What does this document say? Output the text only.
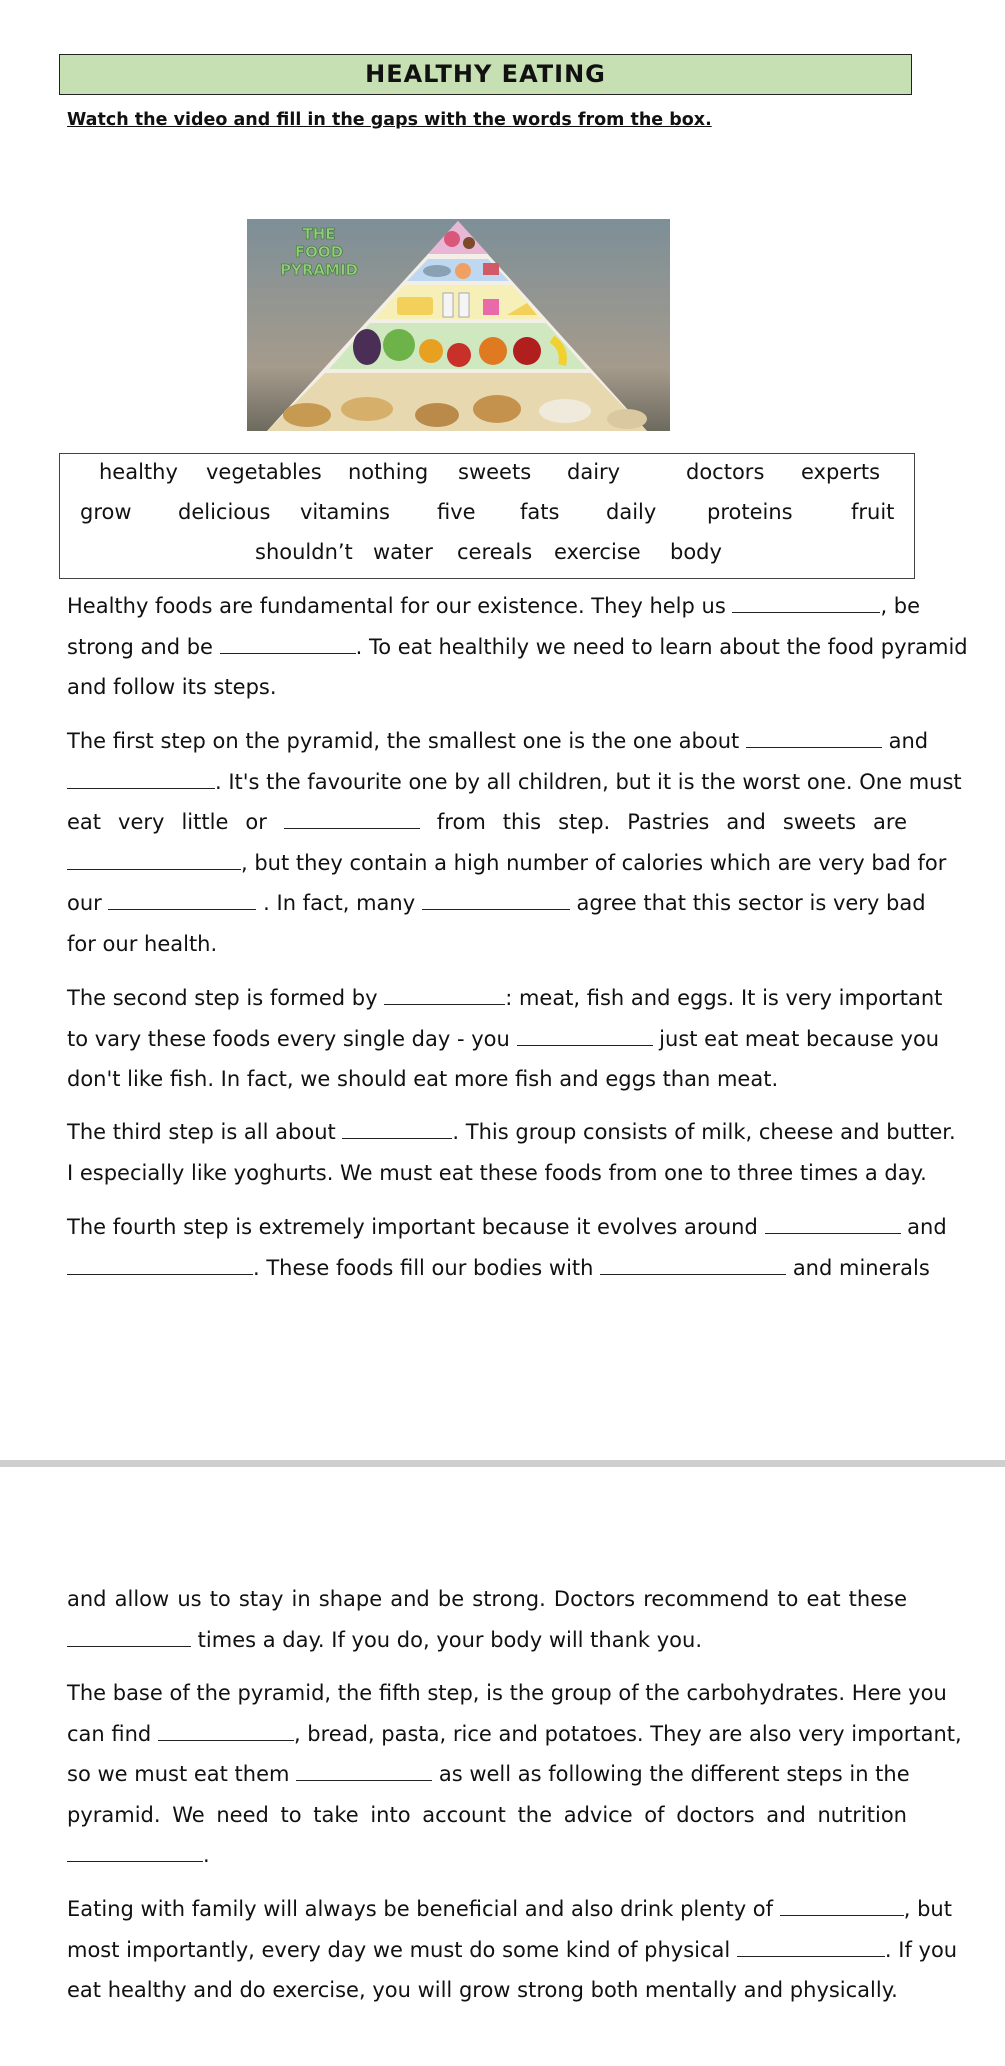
HEALTHY EATING
Watch the video and fill in the gaps with the words from the box.
THE
FOOD
PYRAMID
healthy vegetables nothing sweets dairy	doctors experts
grow delicious vitamins five fats daily proteins	fruit
shouldn’t water cereals exercise body
Healthy foods are fundamental for our existence. They help us	, be
strong and be	. To eat healthily we need to learn about the food pyramid
and follow its steps.
The first step on the pyramid, the smallest one is the one about	and
. It's the favourite one by all children, but it is the worst one. One must
eat very little or	from this step. Pastries and sweets are
, but they contain a high number of calories which are very bad for
our	. In fact, many	agree that this sector is very bad
for our health.
The second step is formed by	: meat, fish and eggs. It is very important
to vary these foods every single day - you	just eat meat because you
don't like fish. In fact, we should eat more fish and eggs than meat.
The third step is all about	. This group consists of milk, cheese and butter.
I especially like yoghurts. We must eat these foods from one to three times a day.
The fourth step is extremely important because it evolves around	and
. These foods fill our bodies with	and minerals
and allow us to stay in shape and be strong. Doctors recommend to eat these
times a day. If you do, your body will thank you.
The base of the pyramid, the fifth step, is the group of the carbohydrates. Here you
can find	, bread, pasta, rice and potatoes. They are also very important,
so we must eat them	as well as following the different steps in the
pyramid. We need to take into account the advice of doctors and nutrition
.
Eating with family will always be beneficial and also drink plenty of	, but
most importantly, every day we must do some kind of physical	. If you
eat healthy and do exercise, you will grow strong both mentally and physically.
